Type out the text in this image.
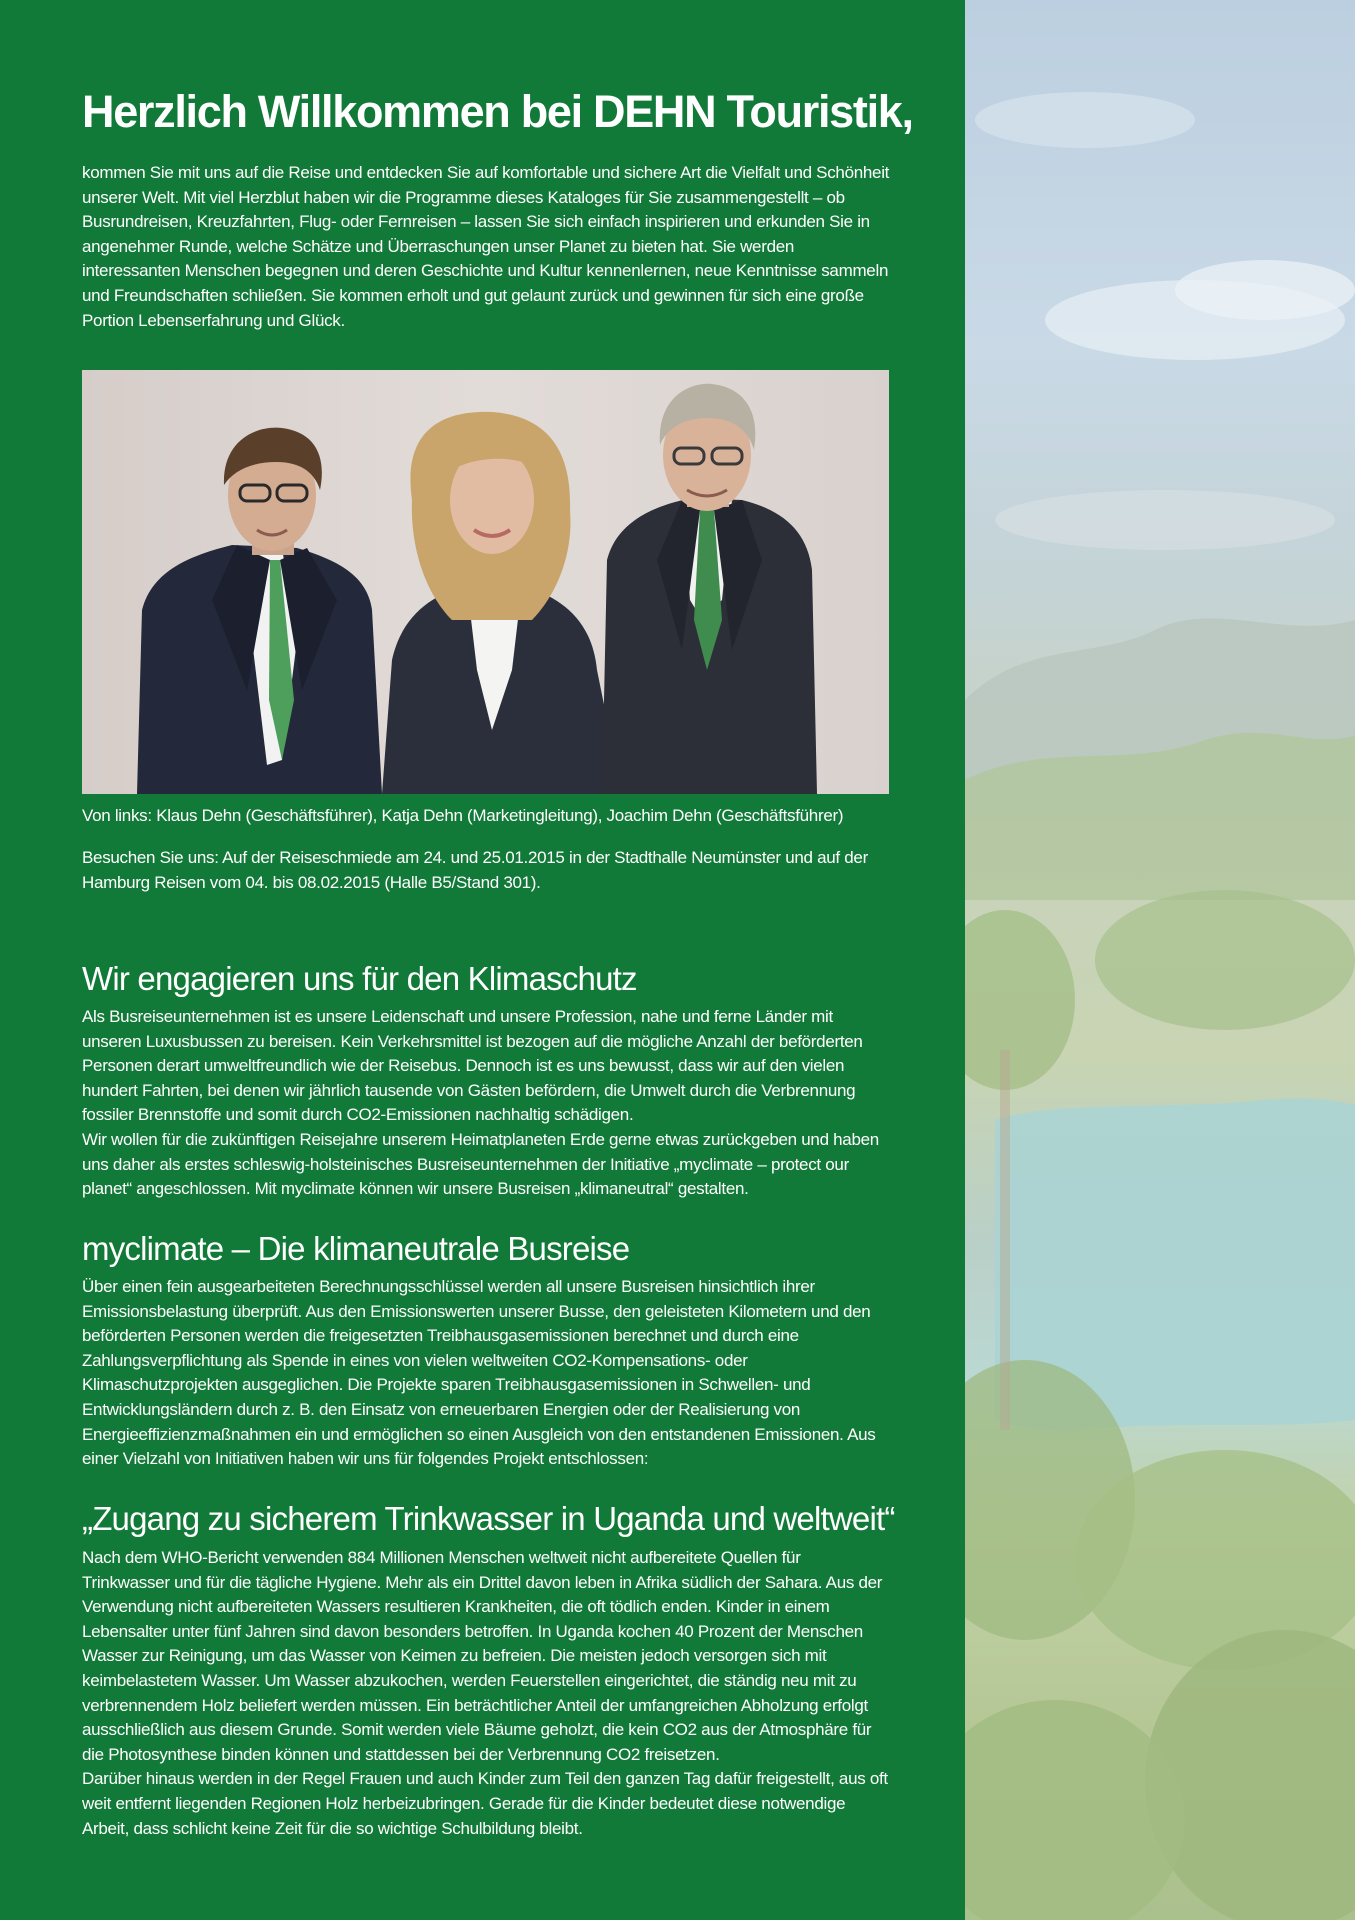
Herzlich Willkommen bei DEHN Touristik,

kommen Sie mit uns auf die Reise und entdecken Sie auf komfortable und sichere Art die Vielfalt und Schönheit unserer Welt. Mit viel Herzblut haben wir die Programme dieses Kataloges für Sie zusammengestellt – ob Busrundreisen, Kreuzfahrten, Flug- oder Fernreisen – lassen Sie sich einfach inspirieren und erkunden Sie in angenehmer Runde, welche Schätze und Überraschungen unser Planet zu bieten hat. Sie werden interessanten Menschen begegnen und deren Geschichte und Kultur kennenlernen, neue Kenntnisse sammeln und Freundschaften schließen. Sie kommen erholt und gut gelaunt zurück und gewinnen für sich eine große Portion Lebenserfahrung und Glück.

Von links: Klaus Dehn (Geschäftsführer), Katja Dehn (Marketingleitung), Joachim Dehn (Geschäftsführer)

Besuchen Sie uns: Auf der Reiseschmiede am 24. und 25.01.2015 in der Stadthalle Neumünster und auf der Hamburg Reisen vom 04. bis 08.02.2015 (Halle B5/Stand 301).

Wir engagieren uns für den Klimaschutz
Als Busreiseunternehmen ist es unsere Leidenschaft und unsere Profession, nahe und ferne Länder mit unseren Luxusbussen zu bereisen. Kein Verkehrsmittel ist bezogen auf die mögliche Anzahl der beförderten Personen derart umweltfreundlich wie der Reisebus. Dennoch ist es uns bewusst, dass wir auf den vielen hundert Fahrten, bei denen wir jährlich tausende von Gästen befördern, die Umwelt durch die Verbrennung fossiler Brennstoffe und somit durch CO2-Emissionen nachhaltig schädigen.
Wir wollen für die zukünftigen Reisejahre unserem Heimatplaneten Erde gerne etwas zurückgeben und haben uns daher als erstes schleswig-holsteinisches Busreiseunternehmen der Initiative „myclimate – protect our planet“ angeschlossen. Mit myclimate können wir unsere Busreisen „klimaneutral“ gestalten.
myclimate – Die klimaneutrale Busreise
Über einen fein ausgearbeiteten Berechnungsschlüssel werden all unsere Busreisen hinsichtlich ihrer Emissionsbelastung überprüft. Aus den Emissionswerten unserer Busse, den geleisteten Kilometern und den beförderten Personen werden die freigesetzten Treibhausgasemissionen berechnet und durch eine Zahlungsverpflichtung als Spende in eines von vielen weltweiten CO2-Kompensations- oder Klimaschutzprojekten ausgeglichen. Die Projekte sparen Treibhausgasemissionen in Schwellen- und Entwicklungsländern durch z. B. den Einsatz von erneuerbaren Energien oder der Realisierung von Energieeffizienzmaßnahmen ein und ermöglichen so einen Ausgleich von den entstandenen Emissionen. Aus einer Vielzahl von Initiativen haben wir uns für folgendes Projekt entschlossen:
„Zugang zu sicherem Trinkwasser in Uganda und weltweit“
Nach dem WHO-Bericht verwenden 884 Millionen Menschen weltweit nicht aufbereitete Quellen für Trinkwasser und für die tägliche Hygiene. Mehr als ein Drittel davon leben in Afrika südlich der Sahara. Aus der Verwendung nicht aufbereiteten Wassers resultieren Krankheiten, die oft tödlich enden. Kinder in einem Lebensalter unter fünf Jahren sind davon besonders betroffen. In Uganda kochen 40 Prozent der Menschen Wasser zur Reinigung, um das Wasser von Keimen zu befreien. Die meisten jedoch versorgen sich mit keimbelastetem Wasser. Um Wasser abzukochen, werden Feuerstellen eingerichtet, die ständig neu mit zu verbrennendem Holz beliefert werden müssen. Ein beträchtlicher Anteil der umfangreichen Abholzung erfolgt ausschließlich aus diesem Grunde. Somit werden viele Bäume geholzt, die kein CO2 aus der Atmosphäre für die Photosynthese binden können und stattdessen bei der Verbrennung CO2 freisetzen.
Darüber hinaus werden in der Regel Frauen und auch Kinder zum Teil den ganzen Tag dafür freigestellt, aus oft weit entfernt liegenden Regionen Holz herbeizubringen. Gerade für die Kinder bedeutet diese notwendige Arbeit, dass schlicht keine Zeit für die so wichtige Schulbildung bleibt.
